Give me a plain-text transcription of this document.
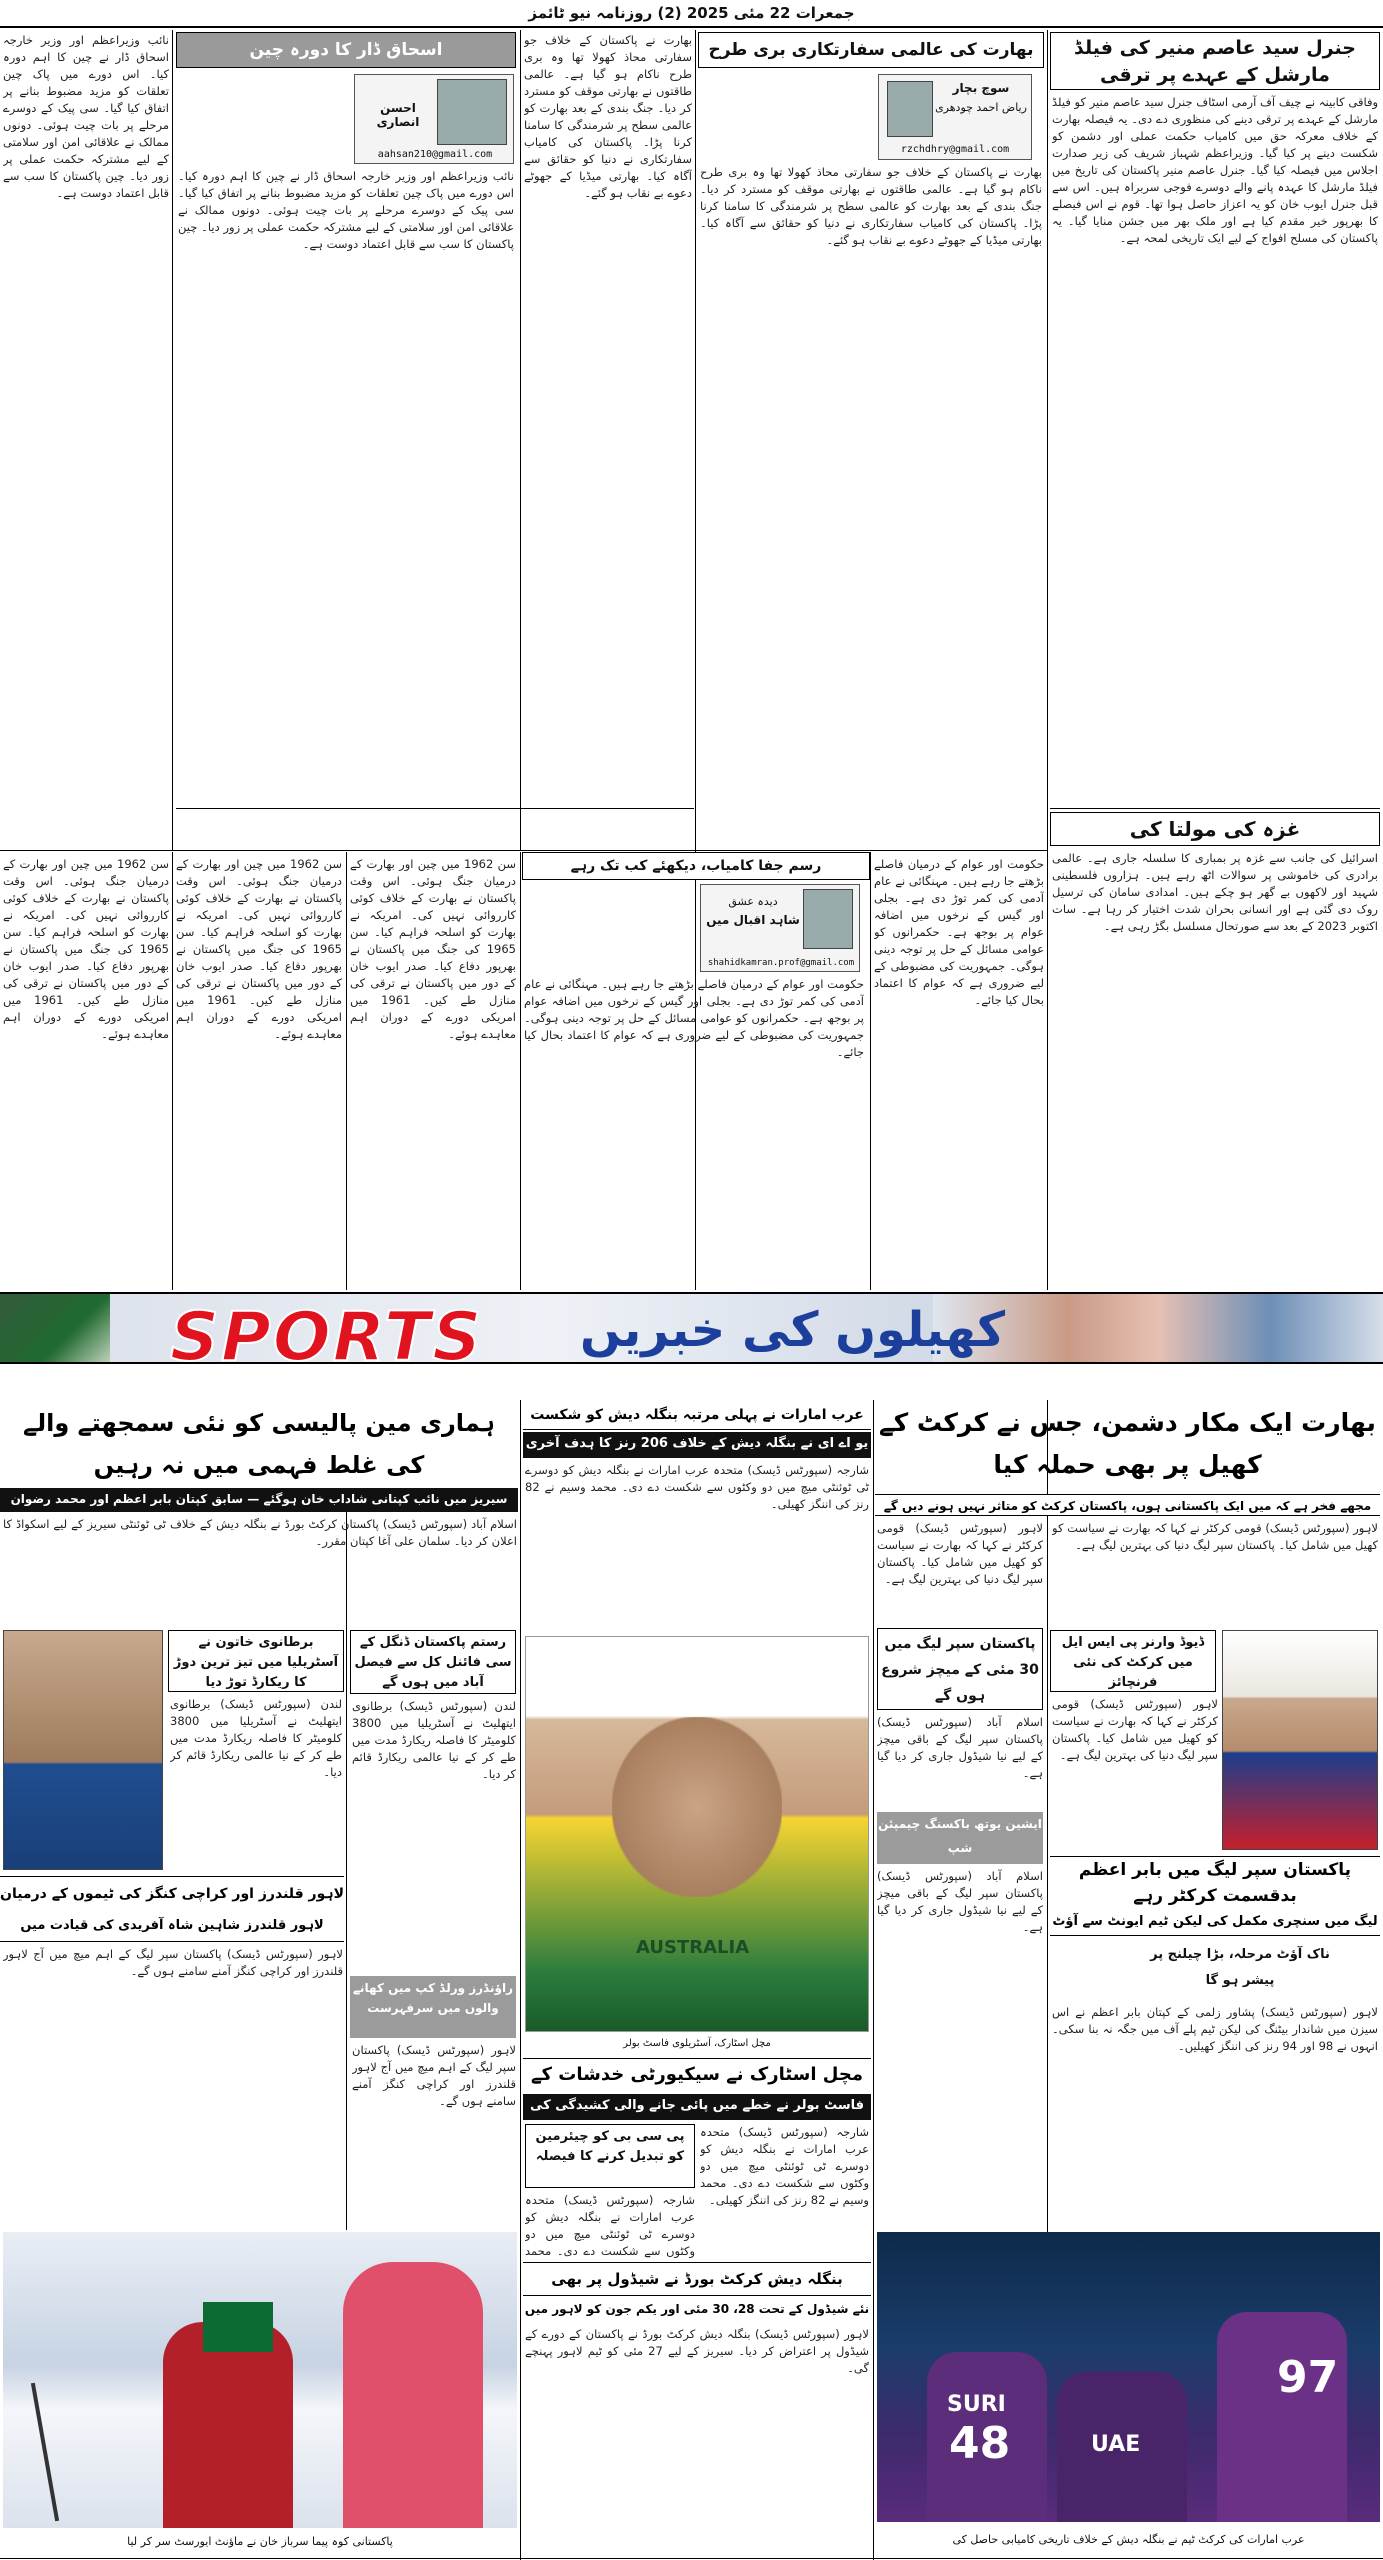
جمعرات 22 مئی 2025 (2) روزنامہ نیو ٹائمز
جنرل سید عاصم منیر کی فیلڈ مارشل کے عہدے پر ترقی
وفاقی کابینہ نے چیف آف آرمی اسٹاف جنرل سید عاصم منیر کو فیلڈ مارشل کے عہدے پر ترقی دینے کی منظوری دے دی۔ یہ فیصلہ بھارت کے خلاف معرکہ حق میں کامیاب حکمت عملی اور دشمن کو شکست دینے پر کیا گیا۔ وزیراعظم شہباز شریف کی زیر صدارت اجلاس میں فیصلہ کیا گیا۔ جنرل عاصم منیر پاکستان کی تاریخ میں فیلڈ مارشل کا عہدہ پانے والے دوسرے فوجی سربراہ ہیں۔ اس سے قبل جنرل ایوب خان کو یہ اعزاز حاصل ہوا تھا۔ قوم نے اس فیصلے کا بھرپور خیر مقدم کیا ہے اور ملک بھر میں جشن منایا گیا۔ یہ پاکستان کی مسلح افواج کے لیے ایک تاریخی لمحہ ہے۔
غزہ کی مولتا کی
اسرائیل کی جانب سے غزہ پر بمباری کا سلسلہ جاری ہے۔ عالمی برادری کی خاموشی پر سوالات اٹھ رہے ہیں۔ ہزاروں فلسطینی شہید اور لاکھوں بے گھر ہو چکے ہیں۔ امدادی سامان کی ترسیل روک دی گئی ہے اور انسانی بحران شدت اختیار کر رہا ہے۔ سات اکتوبر 2023 کے بعد سے صورتحال مسلسل بگڑ رہی ہے۔
بھارت کی عالمی سفارتکاری بری طرح
سوچ بچار
ریاض احمد چودھری
rzchdhry@gmail.com
بھارت نے پاکستان کے خلاف جو سفارتی محاذ کھولا تھا وہ بری طرح ناکام ہو گیا ہے۔ عالمی طاقتوں نے بھارتی موقف کو مسترد کر دیا۔ جنگ بندی کے بعد بھارت کو عالمی سطح پر شرمندگی کا سامنا کرنا پڑا۔ پاکستان کی کامیاب سفارتکاری نے دنیا کو حقائق سے آگاہ کیا۔ بھارتی میڈیا کے جھوٹے دعوے بے نقاب ہو گئے۔
بھارت نے پاکستان کے خلاف جو سفارتی محاذ کھولا تھا وہ بری طرح ناکام ہو گیا ہے۔ عالمی طاقتوں نے بھارتی موقف کو مسترد کر دیا۔ جنگ بندی کے بعد بھارت کو عالمی سطح پر شرمندگی کا سامنا کرنا پڑا۔ پاکستان کی کامیاب سفارتکاری نے دنیا کو حقائق سے آگاہ کیا۔ بھارتی میڈیا کے جھوٹے دعوے بے نقاب ہو گئے۔
اسحاق ڈار کا دورہ چین
احسن انصاری
aahsan210@gmail.com
نائب وزیراعظم اور وزیر خارجہ اسحاق ڈار نے چین کا اہم دورہ کیا۔ اس دورے میں پاک چین تعلقات کو مزید مضبوط بنانے پر اتفاق کیا گیا۔ سی پیک کے دوسرے مرحلے پر بات چیت ہوئی۔ دونوں ممالک نے علاقائی امن اور سلامتی کے لیے مشترکہ حکمت عملی پر زور دیا۔ چین پاکستان کا سب سے قابل اعتماد دوست ہے۔
نائب وزیراعظم اور وزیر خارجہ اسحاق ڈار نے چین کا اہم دورہ کیا۔ اس دورے میں پاک چین تعلقات کو مزید مضبوط بنانے پر اتفاق کیا گیا۔ سی پیک کے دوسرے مرحلے پر بات چیت ہوئی۔ دونوں ممالک نے علاقائی امن اور سلامتی کے لیے مشترکہ حکمت عملی پر زور دیا۔ چین پاکستان کا سب سے قابل اعتماد دوست ہے۔
رسم جفا کامیاب، دیکھئے کب تک رہے
دیدہ عشق
شاہد اقبال میں
shahidkamran.prof@gmail.com
حکومت اور عوام کے درمیان فاصلے بڑھتے جا رہے ہیں۔ مہنگائی نے عام آدمی کی کمر توڑ دی ہے۔ بجلی اور گیس کے نرخوں میں اضافہ عوام پر بوجھ ہے۔ حکمرانوں کو عوامی مسائل کے حل پر توجہ دینی ہوگی۔ جمہوریت کی مضبوطی کے لیے ضروری ہے کہ عوام کا اعتماد بحال کیا جائے۔
حکومت اور عوام کے درمیان فاصلے بڑھتے جا رہے ہیں۔ مہنگائی نے عام آدمی کی کمر توڑ دی ہے۔ بجلی اور گیس کے نرخوں میں اضافہ عوام پر بوجھ ہے۔ حکمرانوں کو عوامی مسائل کے حل پر توجہ دینی ہوگی۔ جمہوریت کی مضبوطی کے لیے ضروری ہے کہ عوام کا اعتماد بحال کیا جائے۔
سن 1962 میں چین اور بھارت کے درمیان جنگ ہوئی۔ اس وقت پاکستان نے بھارت کے خلاف کوئی کارروائی نہیں کی۔ امریکہ نے بھارت کو اسلحہ فراہم کیا۔ سن 1965 کی جنگ میں پاکستان نے بھرپور دفاع کیا۔ صدر ایوب خان کے دور میں پاکستان نے ترقی کی منازل طے کیں۔ 1961 میں امریکی دورے کے دوران اہم معاہدے ہوئے۔
سن 1962 میں چین اور بھارت کے درمیان جنگ ہوئی۔ اس وقت پاکستان نے بھارت کے خلاف کوئی کارروائی نہیں کی۔ امریکہ نے بھارت کو اسلحہ فراہم کیا۔ سن 1965 کی جنگ میں پاکستان نے بھرپور دفاع کیا۔ صدر ایوب خان کے دور میں پاکستان نے ترقی کی منازل طے کیں۔ 1961 میں امریکی دورے کے دوران اہم معاہدے ہوئے۔
سن 1962 میں چین اور بھارت کے درمیان جنگ ہوئی۔ اس وقت پاکستان نے بھارت کے خلاف کوئی کارروائی نہیں کی۔ امریکہ نے بھارت کو اسلحہ فراہم کیا۔ سن 1965 کی جنگ میں پاکستان نے بھرپور دفاع کیا۔ صدر ایوب خان کے دور میں پاکستان نے ترقی کی منازل طے کیں۔ 1961 میں امریکی دورے کے دوران اہم معاہدے ہوئے۔
SPORTS کھیلوں کی خبریں
بھارت ایک مکار دشمن، جس نے کرکٹ کے کھیل پر بھی حملہ کیا
مجھے فخر ہے کہ میں ایک پاکستانی ہوں، پاکستان کرکٹ کو متاثر نہیں ہونے دیں گے
لاہور (سپورٹس ڈیسک) قومی کرکٹر نے کہا کہ بھارت نے سیاست کو کھیل میں شامل کیا۔ پاکستان سپر لیگ دنیا کی بہترین لیگ ہے۔
لاہور (سپورٹس ڈیسک) قومی کرکٹر نے کہا کہ بھارت نے سیاست کو کھیل میں شامل کیا۔ پاکستان سپر لیگ دنیا کی بہترین لیگ ہے۔
ڈیوڈ وارنر پی ایس ایل میں کرکٹ کی نئی فرنچائز
لاہور (سپورٹس ڈیسک) قومی کرکٹر نے کہا کہ بھارت نے سیاست کو کھیل میں شامل کیا۔ پاکستان سپر لیگ دنیا کی بہترین لیگ ہے۔
پاکستان سپر لیگ میں 30 مئی کے میچز شروع ہوں گے
اسلام آباد (سپورٹس ڈیسک) پاکستان سپر لیگ کے باقی میچز کے لیے نیا شیڈول جاری کر دیا گیا ہے۔
ایشین یوتھ باکسنگ چیمپئن شپ
اسلام آباد (سپورٹس ڈیسک) پاکستان سپر لیگ کے باقی میچز کے لیے نیا شیڈول جاری کر دیا گیا ہے۔
پاکستان سپر لیگ میں بابر اعظم بدقسمت کرکٹر رہے
لیگ میں سنچری مکمل کی لیکن ٹیم ایونٹ سے آؤٹ
ناک آؤٹ مرحلہ، بڑا چیلنج پر پیشر ہو گا
لاہور (سپورٹس ڈیسک) پشاور زلمی کے کپتان بابر اعظم نے اس سیزن میں شاندار بیٹنگ کی لیکن ٹیم پلے آف میں جگہ نہ بنا سکی۔ انہوں نے 98 اور 94 رنز کی اننگز کھیلیں۔
SURI
48	UAE
97
عرب امارات کی کرکٹ ٹیم نے بنگلہ دیش کے خلاف تاریخی کامیابی حاصل کی
عرب امارات نے پہلی مرتبہ بنگلہ دیش کو شکست
یو اے ای نے بنگلہ دیش کے خلاف 206 رنز کا ہدف آخری
شارجہ (سپورٹس ڈیسک) متحدہ عرب امارات نے بنگلہ دیش کو دوسرے ٹی ٹوئنٹی میچ میں دو وکٹوں سے شکست دے دی۔ محمد وسیم نے 82 رنز کی اننگز کھیلی۔
AUSTRALIA
مچل اسٹارک، آسٹریلوی فاسٹ بولر
مچل اسٹارک نے سیکیورٹی خدشات کے
فاسٹ بولر نے خطے میں پائی جانے والی کشیدگی کی
شارجہ (سپورٹس ڈیسک) متحدہ عرب امارات نے بنگلہ دیش کو دوسرے ٹی ٹوئنٹی میچ میں دو وکٹوں سے شکست دے دی۔ محمد وسیم نے 82 رنز کی اننگز کھیلی۔
پی سی بی کو چیئرمین کو تبدیل کرنے کا فیصلہ
شارجہ (سپورٹس ڈیسک) متحدہ عرب امارات نے بنگلہ دیش کو دوسرے ٹی ٹوئنٹی میچ میں دو وکٹوں سے شکست دے دی۔ محمد
بنگلہ دیش کرکٹ بورڈ نے شیڈول پر بھی
نئے شیڈول کے تحت 28، 30 مئی اور یکم جون کو لاہور میں
لاہور (سپورٹس ڈیسک) بنگلہ دیش کرکٹ بورڈ نے پاکستان کے دورے کے شیڈول پر اعتراض کر دیا۔ سیریز کے لیے 27 مئی کو ٹیم لاہور پہنچے گی۔
ہماری مین پالیسی کو نئی سمجھتے والے کی غلط فہمی میں نہ رہیں
سیریز میں نائب کپتانی شاداب خان ہوگئے — سابق کپتان بابر اعظم اور محمد رضوان
اسلام آباد (سپورٹس ڈیسک) پاکستان کرکٹ بورڈ نے بنگلہ دیش کے خلاف ٹی ٹوئنٹی سیریز کے لیے اسکواڈ کا اعلان کر دیا۔ سلمان علی آغا کپتان مقرر۔
برطانوی خاتون نے آسٹریلیا میں تیز ترین دوڑ کا ریکارڈ توڑ دیا
لندن (سپورٹس ڈیسک) برطانوی ایتھلیٹ نے آسٹریلیا میں 3800 کلومیٹر کا فاصلہ ریکارڈ مدت میں طے کر کے نیا عالمی ریکارڈ قائم کر دیا۔
رستم پاکستان ڈنگل کے سی فائنل کل سے فیصل آباد میں ہوں گے
لندن (سپورٹس ڈیسک) برطانوی ایتھلیٹ نے آسٹریلیا میں 3800 کلومیٹر کا فاصلہ ریکارڈ مدت میں طے کر کے نیا عالمی ریکارڈ قائم کر دیا۔
لاہور قلندرز اور کراچی کنگز کی ٹیموں کے درمیان
لاہور قلندرز شاہین شاہ آفریدی کی قیادت میں
لاہور (سپورٹس ڈیسک) پاکستان سپر لیگ کے اہم میچ میں آج لاہور قلندرز اور کراچی کنگز آمنے سامنے ہوں گے۔
راؤنڈرز ورلڈ کپ میں کھانے والوں میں سرفہرست
لاہور (سپورٹس ڈیسک) پاکستان سپر لیگ کے اہم میچ میں آج لاہور قلندرز اور کراچی کنگز آمنے سامنے ہوں گے۔
پاکستانی کوہ پیما سرباز خان نے ماؤنٹ ایورسٹ سر کر لیا
